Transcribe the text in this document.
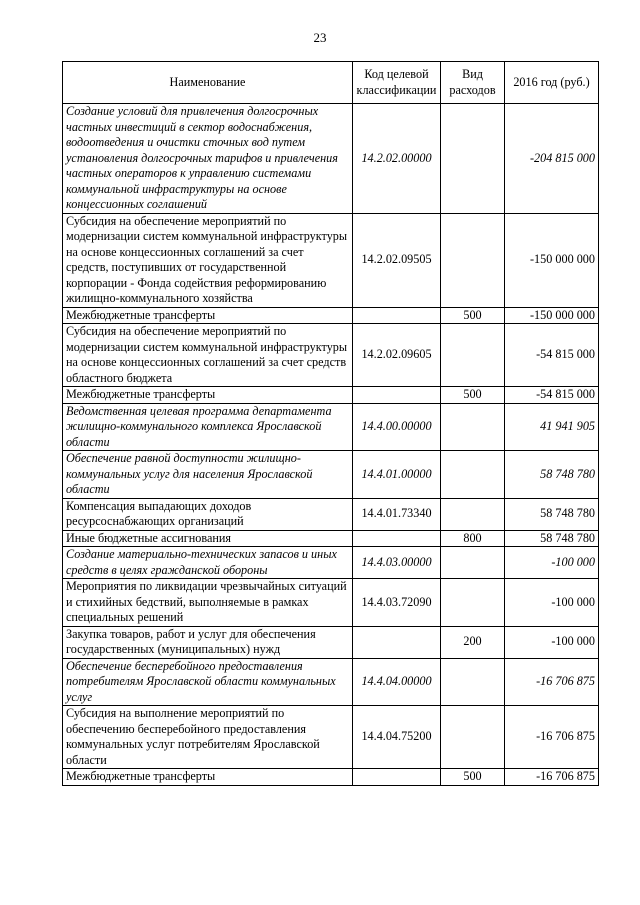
23
Наименование	Код целевой классификации	Вид расходов	2016 год (руб.)
Создание условий для привлечения долгосрочных частных инвестиций в сектор водоснабжения, водоотведения и очистки сточных вод путем установления долгосрочных тарифов и привлечения частных операторов к управлению системами коммунальной инфраструктуры на основе концессионных соглашений	14.2.02.00000		-204 815 000
Субсидия на обеспечение мероприятий по модернизации систем коммунальной инфраструктуры на основе концессионных соглашений за счет средств, поступивших от государственной корпорации - Фонда содействия реформированию жилищно-коммунального хозяйства	14.2.02.09505		-150 000 000
Межбюджетные трансферты		500	-150 000 000
Субсидия на обеспечение мероприятий по модернизации систем коммунальной инфраструктуры на основе концессионных соглашений за счет средств областного бюджета	14.2.02.09605		-54 815 000
Межбюджетные трансферты		500	-54 815 000
Ведомственная целевая программа департамента жилищно-коммунального комплекса Ярославской области	14.4.00.00000		41 941 905
Обеспечение равной доступности жилищно-коммунальных услуг для населения Ярославской области	14.4.01.00000		58 748 780
Компенсация выпадающих доходов ресурсоснабжающих организаций	14.4.01.73340		58 748 780
Иные бюджетные ассигнования		800	58 748 780
Создание материально-технических запасов и иных средств в целях гражданской обороны	14.4.03.00000		-100 000
Мероприятия по ликвидации чрезвычайных ситуаций и стихийных бедствий, выполняемые в рамках специальных решений	14.4.03.72090		-100 000
Закупка товаров, работ и услуг для обеспечения государственных (муниципальных) нужд		200	-100 000
Обеспечение бесперебойного предоставления потребителям Ярославской области коммунальных услуг	14.4.04.00000		-16 706 875
Субсидия на выполнение мероприятий по обеспечению бесперебойного предоставления коммунальных услуг потребителям Ярославской области	14.4.04.75200		-16 706 875
Межбюджетные трансферты		500	-16 706 875
